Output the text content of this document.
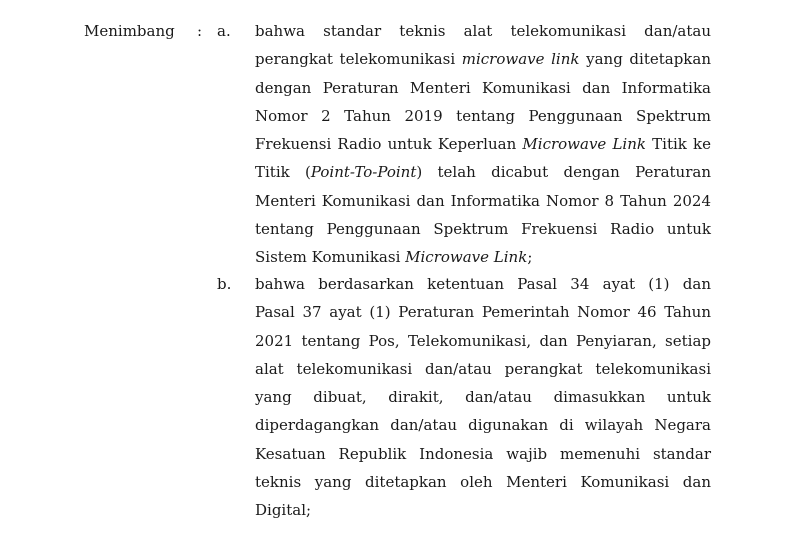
Menimbang : a. bahwa standar teknis alat telekomunikasi dan/atau
perangkat telekomunikasi microwave link yang ditetapkan
dengan Peraturan Menteri Komunikasi dan Informatika
Nomor 2 Tahun 2019 tentang Penggunaan Spektrum
Frekuensi Radio untuk Keperluan Microwave Link Titik ke
Titik (Point-To-Point) telah dicabut dengan Peraturan
Menteri Komunikasi dan Informatika Nomor 8 Tahun 2024
tentang Penggunaan Spektrum Frekuensi Radio untuk
Sistem Komunikasi Microwave Link;
b. bahwa berdasarkan ketentuan Pasal 34 ayat (1) dan
Pasal 37 ayat (1) Peraturan Pemerintah Nomor 46 Tahun
2021 tentang Pos, Telekomunikasi, dan Penyiaran, setiap
alat telekomunikasi dan/atau perangkat telekomunikasi
yang dibuat, dirakit, dan/atau dimasukkan untuk
diperdagangkan dan/atau digunakan di wilayah Negara
Kesatuan Republik Indonesia wajib memenuhi standar
teknis yang ditetapkan oleh Menteri Komunikasi dan
Digital;
